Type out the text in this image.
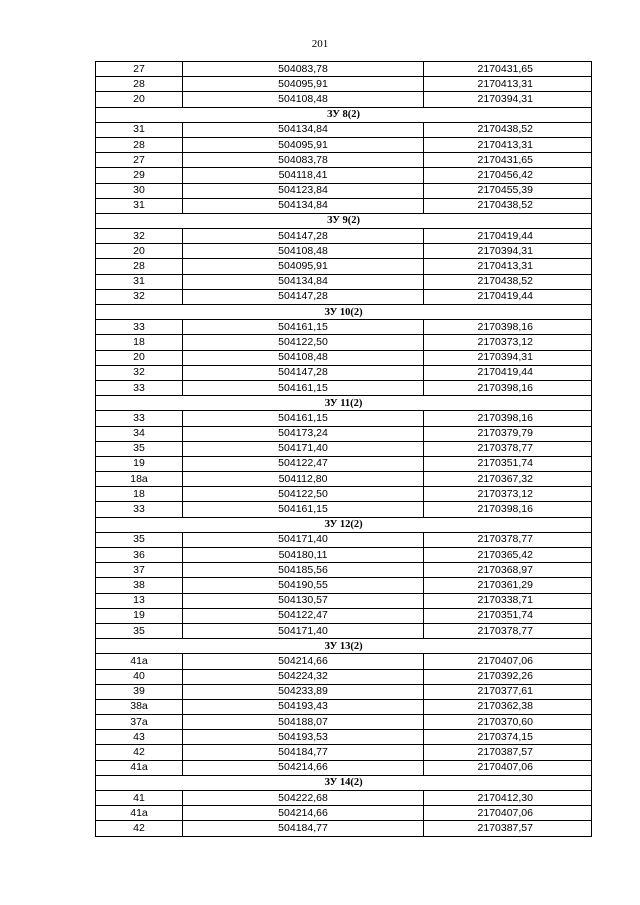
201
27	504083,78	2170431,65
28	504095,91	2170413,31
20	504108,48	2170394,31
ЗУ 8(2)		
31	504134,84	2170438,52
28	504095,91	2170413,31
27	504083,78	2170431,65
29	504118,41	2170456,42
30	504123,84	2170455,39
31	504134,84	2170438,52
ЗУ 9(2)		
32	504147,28	2170419,44
20	504108,48	2170394,31
28	504095,91	2170413,31
31	504134,84	2170438,52
32	504147,28	2170419,44
ЗУ 10(2)		
33	504161,15	2170398,16
18	504122,50	2170373,12
20	504108,48	2170394,31
32	504147,28	2170419,44
33	504161,15	2170398,16
ЗУ 11(2)		
33	504161,15	2170398,16
34	504173,24	2170379,79
35	504171,40	2170378,77
19	504122,47	2170351,74
18а	504112,80	2170367,32
18	504122,50	2170373,12
33	504161,15	2170398,16
ЗУ 12(2)		
35	504171,40	2170378,77
36	504180,11	2170365,42
37	504185,56	2170368,97
38	504190,55	2170361,29
13	504130,57	2170338,71
19	504122,47	2170351,74
35	504171,40	2170378,77
ЗУ 13(2)		
41а	504214,66	2170407,06
40	504224,32	2170392,26
39	504233,89	2170377,61
38а	504193,43	2170362,38
37а	504188,07	2170370,60
43	504193,53	2170374,15
42	504184,77	2170387,57
41а	504214,66	2170407,06
ЗУ 14(2)		
41	504222,68	2170412,30
41а	504214,66	2170407,06
42	504184,77	2170387,57
